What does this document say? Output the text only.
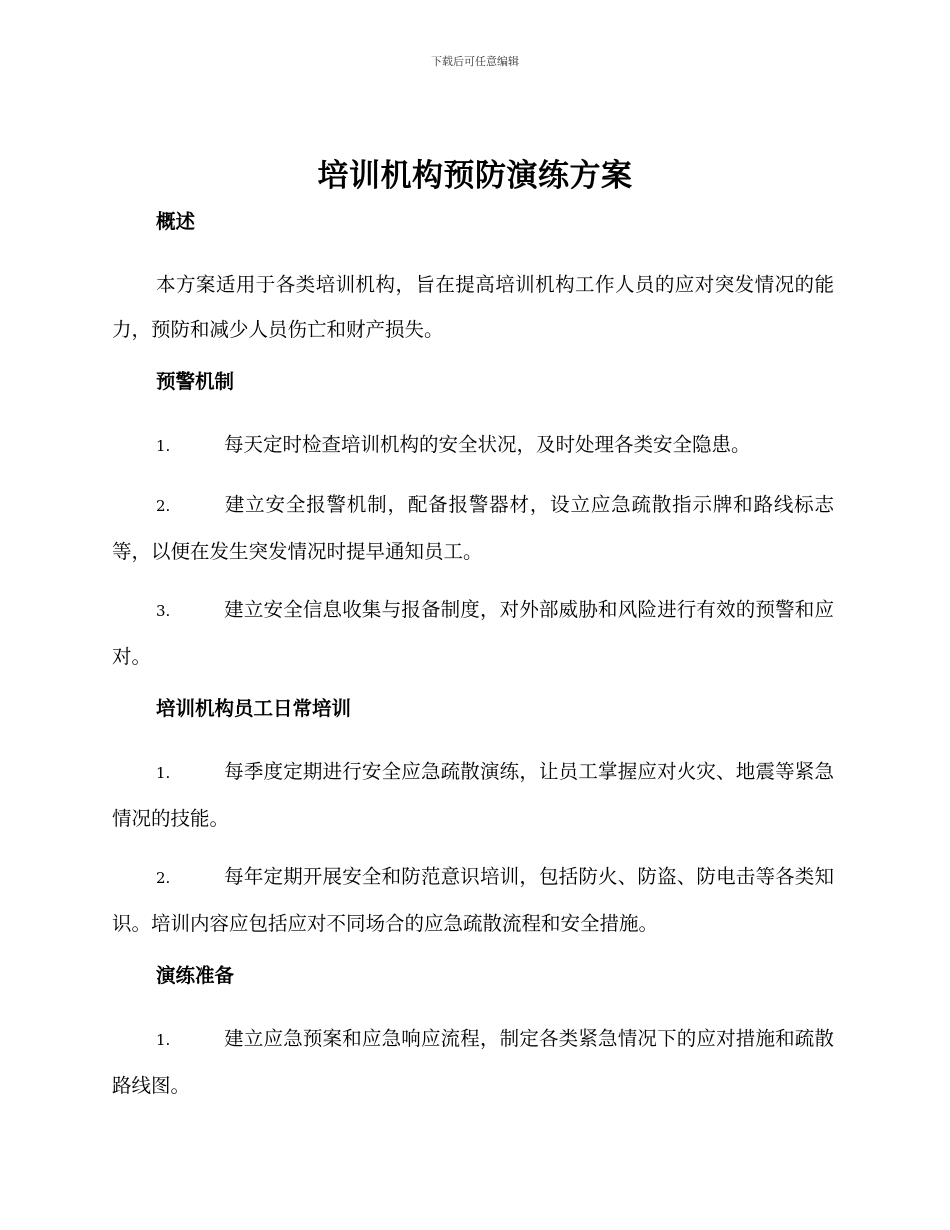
下载后可任意编辑
培训机构预防演练方案
概述
本方案适用于各类培训机构，旨在提高培训机构工作人员的应对突发情况的能力，预防和减少人员伤亡和财产损失。
预警机制
1.	每天定时检查培训机构的安全状况，及时处理各类安全隐患。
2.	建立安全报警机制，配备报警器材，设立应急疏散指示牌和路线标志等，以便在发生突发情况时提早通知员工。
3.	建立安全信息收集与报备制度，对外部威胁和风险进行有效的预警和应对。
培训机构员工日常培训
1.	每季度定期进行安全应急疏散演练，让员工掌握应对火灾、地震等紧急情况的技能。
2.	每年定期开展安全和防范意识培训，包括防火、防盗、防电击等各类知识。培训内容应包括应对不同场合的应急疏散流程和安全措施。
演练准备
1.	建立应急预案和应急响应流程，制定各类紧急情况下的应对措施和疏散路线图。
